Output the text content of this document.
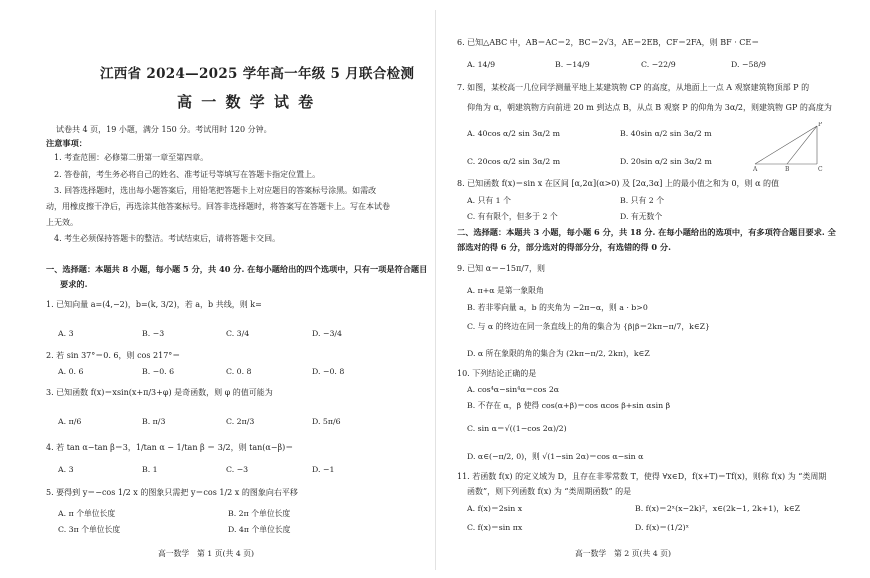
江西省 2024—2025 学年高一年级 5 月联合检测
高 一 数 学 试 卷
试卷共 4 页，19 小题，满分 150 分。考试用时 120 分钟。
注意事项：
1. 考查范围：必修第二册第一章至第四章。
2. 答卷前，考生务必将自己的姓名、准考证号等填写在答题卡指定位置上。
3. 回答选择题时，选出每小题答案后，用铅笔把答题卡上对应题目的答案标号涂黑。如需改
动，用橡皮擦干净后，再选涂其他答案标号。回答非选择题时，将答案写在答题卡上。写在本试卷
上无效。
4. 考生必须保持答题卡的整洁。考试结束后，请将答题卡交回。
一、选择题：本题共 8 小题，每小题 5 分，共 40 分. 在每小题给出的四个选项中，只有一项是符合题目
要求的.
1. 已知向量 a=(4,−2)，b=(k, 3/2)，若 a，b 共线，则 k=
A. 3	B. −3	C. 3/4	D. −3/4
2. 若 sin 37°＝0. 6，则 cos 217°＝
A. 0. 6	B. −0. 6	C. 0. 8	D. −0. 8
3. 已知函数 f(x)＝xsin(x+π/3+φ) 是奇函数，则 φ 的值可能为
A. π/6	B. π/3	C. 2π/3	D. 5π/6
4. 若 tan α−tan β＝3，1/tan α − 1/tan β ＝ 3/2，则 tan(α−β)＝
A. 3	B. 1	C. −3	D. −1
5. 要得到 y＝−cos 1/2 x 的图象只需把 y＝cos 1/2 x 的图象向右平移
A. π 个单位长度	B. 2π 个单位长度
C. 3π 个单位长度	D. 4π 个单位长度
高一数学　第 1 页(共 4 页)
6. 已知△ABC 中，AB＝AC＝2，BC＝2√3，AE＝2EB，CF＝2FA，则 BF · CE＝
A. 14/9	B. −14/9	C. −22/9	D. −58/9
7. 如图，某校高一几位同学测量平地上某建筑物 CP 的高度，从地面上一点 A 观察建筑物顶部 P 的
仰角为 α，朝建筑物方向前进 20 m 到达点 B，从点 B 观察 P 的仰角为 3α/2，则建筑物 GP 的高度为
A. 40cos α/2 sin 3α/2 m	B. 40sin α/2 sin 3α/2 m
C. 20cos α/2 sin 3α/2 m	D. 20sin α/2 sin 3α/2 m
P
A	B	C
8. 已知函数 f(x)＝sin x 在区间 [α,2α](α>0) 及 [2α,3α] 上的最小值之和为 0，则 α 的值
A. 只有 1 个	B. 只有 2 个
C. 有有限个，但多于 2 个	D. 有无数个
二、选择题：本题共 3 小题，每小题 6 分，共 18 分. 在每小题给出的选项中，有多项符合题目要求. 全
部选对的得 6 分，部分选对的得部分分，有选错的得 0 分.
9. 已知 α＝−15π/7，则
A. π+α 是第一象限角
B. 若非零向量 a，b 的夹角为 −2π−α，则 a · b>0
C. 与 α 的终边在同一条直线上的角的集合为 {β|β＝2kπ−π/7，k∈Z}
D. α 所在象限的角的集合为 (2kπ−π/2, 2kπ)，k∈Z
10. 下列结论正确的是
A. cos⁴α−sin⁴α＝cos 2α
B. 不存在 α，β 使得 cos(α+β)＝cos αcos β+sin αsin β
C. sin α＝√((1−cos 2α)/2)
D. α∈(−π/2, 0)，则 √(1−sin 2α)＝cos α−sin α
11. 若函数 f(x) 的定义域为 D，且存在非零常数 T，使得 ∀x∈D，f(x+T)＝Tf(x)，则称 f(x) 为 “类周期
函数”，则下列函数 f(x) 为 “类周期函数” 的是
A. f(x)＝2sin x	B. f(x)＝2ˣ(x−2k)²，x∈(2k−1, 2k+1)，k∈Z
C. f(x)＝sin πx	D. f(x)＝(1/2)ˣ
高一数学　第 2 页(共 4 页)
